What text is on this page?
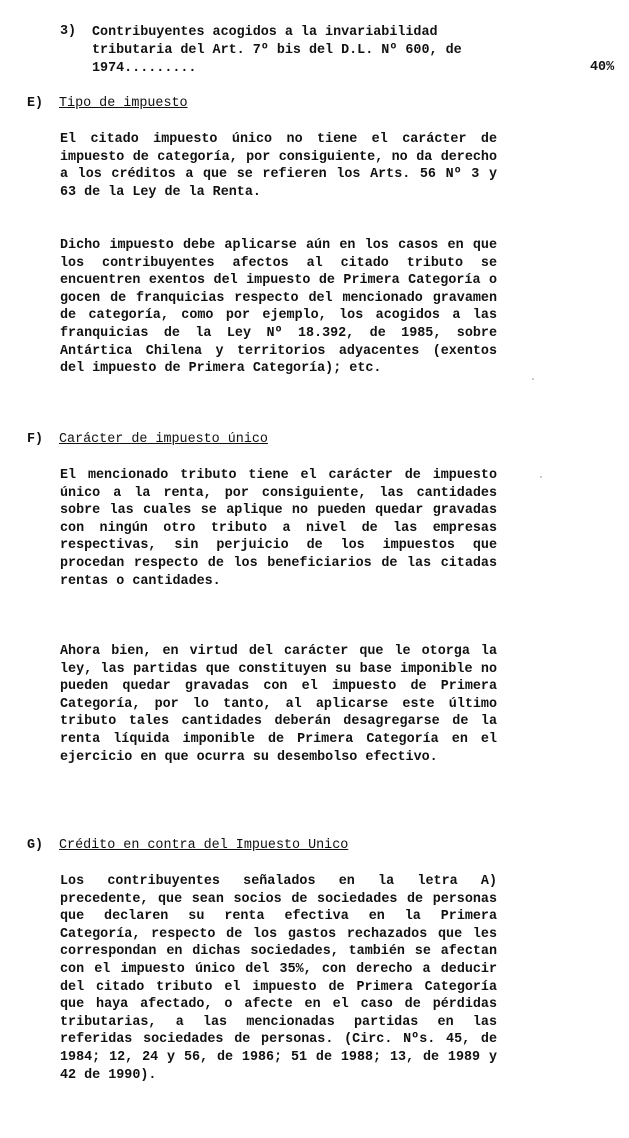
3) Contribuyentes acogidos a la invariabilidad tributaria del Art. 7º bis del D.L. Nº 600, de 1974.........	40%
E) Tipo de impuesto

El citado impuesto único no tiene el carácter de impuesto de categoría, por consiguiente, no da derecho a los créditos a que se refieren los Arts. 56 Nº 3 y 63 de la Ley de la Renta.

Dicho impuesto debe aplicarse aún en los casos en que los contribuyentes afectos al citado tributo se encuentren exentos del impuesto de Primera Categoría o gocen de franquicias respecto del mencionado gravamen de categoría, como por ejemplo, los acogidos a las franquicias de la Ley Nº 18.392, de 1985, sobre Antártica Chilena y territorios adyacentes (exentos del impuesto de Primera Categoría); etc.

F) Carácter de impuesto único

El mencionado tributo tiene el carácter de impuesto único a la renta, por consiguiente, las cantidades sobre las cuales se aplique no pueden quedar gravadas con ningún otro tributo a nivel de las empresas respectivas, sin perjuicio de los impuestos que procedan respecto de los beneficiarios de las citadas rentas o cantidades.

Ahora bien, en virtud del carácter que le otorga la ley, las partidas que constituyen su base imponible no pueden quedar gravadas con el impuesto de Primera Categoría, por lo tanto, al aplicarse este último tributo tales cantidades deberán desagregarse de la renta líquida imponible de Primera Categoría en el ejercicio en que ocurra su desembolso efectivo.

G) Crédito en contra del Impuesto Unico

Los contribuyentes señalados en la letra A) precedente, que sean socios de sociedades de personas que declaren su renta efectiva en la Primera Categoría, respecto de los gastos rechazados que les correspondan en dichas sociedades, también se afectan con el impuesto único del 35%, con derecho a deducir del citado tributo el impuesto de Primera Categoría que haya afectado, o afecte en el caso de pérdidas tributarias, a las mencionadas partidas en las referidas sociedades de personas. (Circ. Nºs. 45, de 1984; 12, 24 y 56, de 1986; 51 de 1988; 13, de 1989 y 42 de 1990).
